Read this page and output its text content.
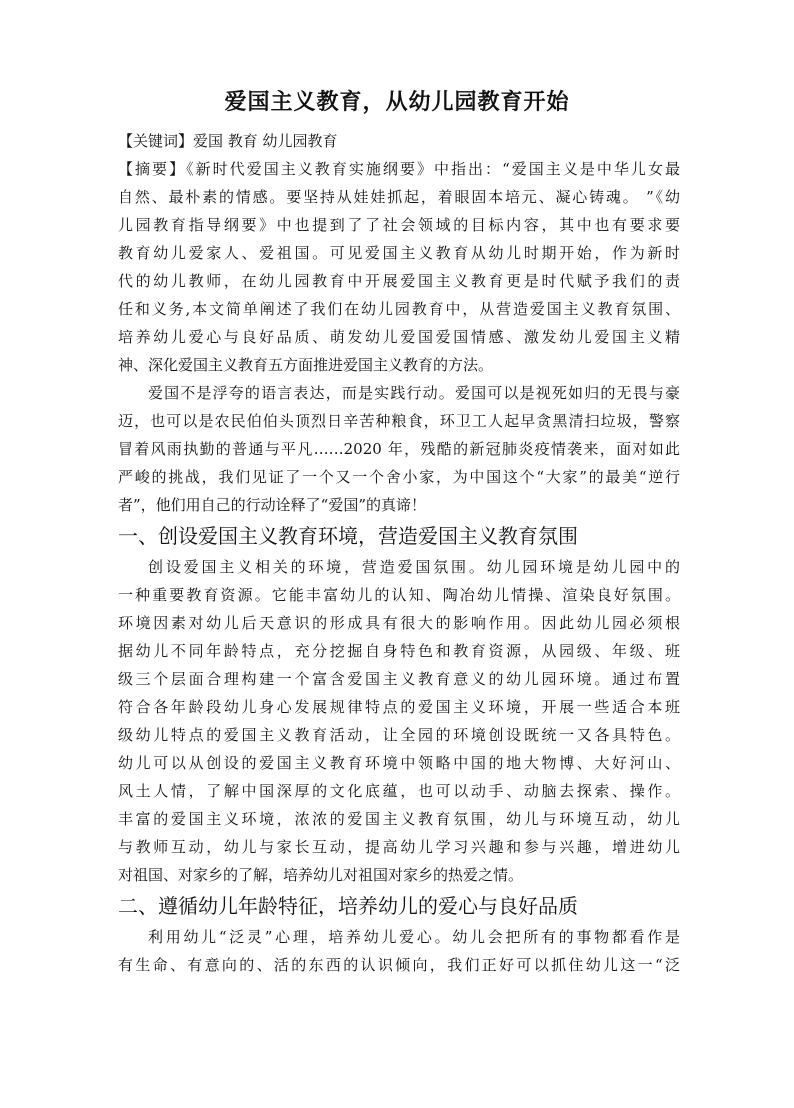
爱国主义教育，从幼儿园教育开始
【关键词】爱国 教育 幼儿园教育
【摘要】《新时代爱国主义教育实施纲要》中指出：“爱国主义是中华儿女最
自然、最朴素的情感。要坚持从娃娃抓起，着眼固本培元、凝心铸魂。 ”《幼
儿园教育指导纲要》中也提到了了社会领域的目标内容，其中也有要求要
教育幼儿爱家人、爱祖国。可见爱国主义教育从幼儿时期开始，作为新时
代的幼儿教师，在幼儿园教育中开展爱国主义教育更是时代赋予我们的责
任和义务,本文简单阐述了我们在幼儿园教育中，从营造爱国主义教育氛围、
培养幼儿爱心与良好品质、萌发幼儿爱国爱国情感、激发幼儿爱国主义精
神、深化爱国主义教育五方面推进爱国主义教育的方法。
爱国不是浮夸的语言表达，而是实践行动。爱国可以是视死如归的无畏与豪
迈，也可以是农民伯伯头顶烈日辛苦种粮食，环卫工人起早贪黑清扫垃圾，警察
冒着风雨执勤的普通与平凡……2020 年，残酷的新冠肺炎疫情袭来，面对如此
严峻的挑战，我们见证了一个又一个舍小家，为中国这个“大家”的最美“逆行
者”，他们用自己的行动诠释了“爱国”的真谛！
一、创设爱国主义教育环境，营造爱国主义教育氛围
创设爱国主义相关的环境，营造爱国氛围。幼儿园环境是幼儿园中的
一种重要教育资源。它能丰富幼儿的认知、陶冶幼儿情操、渲染良好氛围。
环境因素对幼儿后天意识的形成具有很大的影响作用。因此幼儿园必须根
据幼儿不同年龄特点，充分挖掘自身特色和教育资源，从园级、年级、班
级三个层面合理构建一个富含爱国主义教育意义的幼儿园环境。通过布置
符合各年龄段幼儿身心发展规律特点的爱国主义环境，开展一些适合本班
级幼儿特点的爱国主义教育活动，让全园的环境创设既统一又各具特色。
幼儿可以从创设的爱国主义教育环境中领略中国的地大物博、大好河山、
风土人情，了解中国深厚的文化底蕴，也可以动手、动脑去探索、操作。
丰富的爱国主义环境，浓浓的爱国主义教育氛围，幼儿与环境互动，幼儿
与教师互动，幼儿与家长互动，提高幼儿学习兴趣和参与兴趣，增进幼儿
对祖国、对家乡的了解，培养幼儿对祖国对家乡的热爱之情。
二、遵循幼儿年龄特征，培养幼儿的爱心与良好品质
利用幼儿“泛灵”心理，培养幼儿爱心。幼儿会把所有的事物都看作是
有生命、有意向的、活的东西的认识倾向，我们正好可以抓住幼儿这一“泛
